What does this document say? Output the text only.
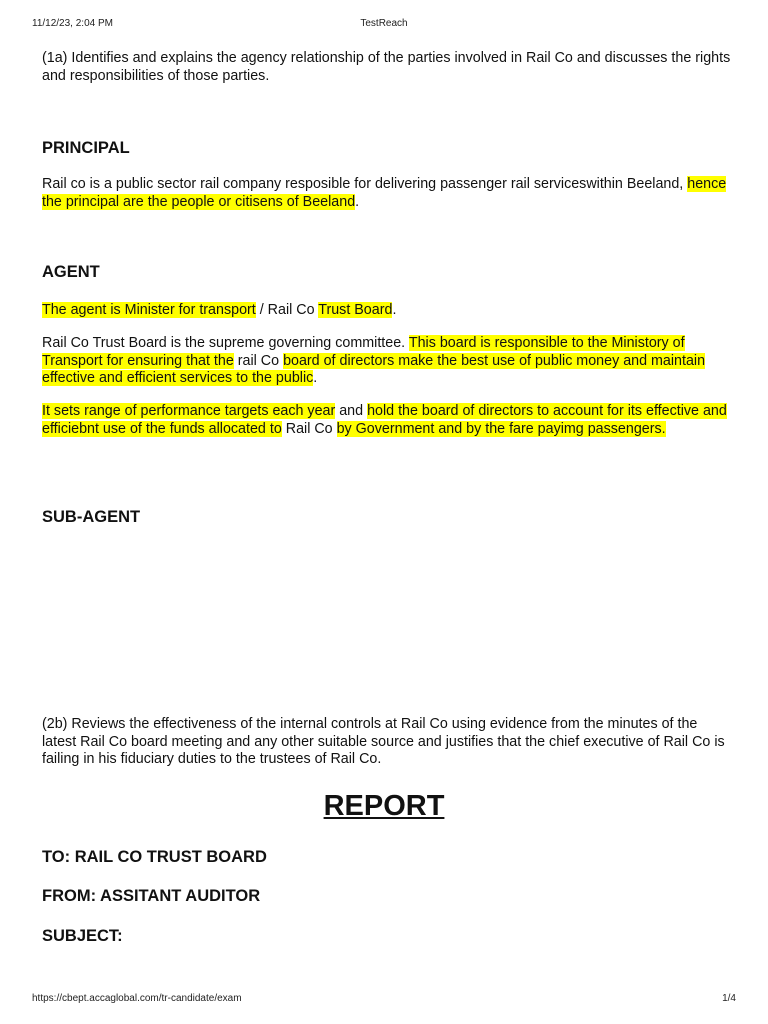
11/12/23, 2:04 PM	TestReach

(1a) Identifies and explains the agency relationship of the parties involved in Rail Co and discusses the rights and responsibilities of those parties.

PRINCIPAL

Rail co is a public sector rail company resposible for delivering passenger rail serviceswithin Beeland, hence the principal are the people or citisens of Beeland.

AGENT

The agent is Minister for transport / Rail Co Trust Board.

Rail Co Trust Board is the supreme governing committee. This board is responsible to the Ministory of Transport for ensuring that the rail Co board of directors make the best use of public money and maintain effective and efficient services to the public.

It sets range of performance targets each year and hold the board of directors to account for its effective and efficiebnt use of the funds allocated to Rail Co by Government and by the fare payimg passengers.

SUB-AGENT

(2b) Reviews the effectiveness of the internal controls at Rail Co using evidence from the minutes of the latest Rail Co board meeting and any other suitable source and justifies that the chief executive of Rail Co is failing in his fiduciary duties to the trustees of Rail Co.

TO: RAIL CO TRUST BOARD
FROM: ASSITANT AUDITOR
SUBJECT:
REPORT
https://cbept.accaglobal.com/tr-candidate/exam	1/4
